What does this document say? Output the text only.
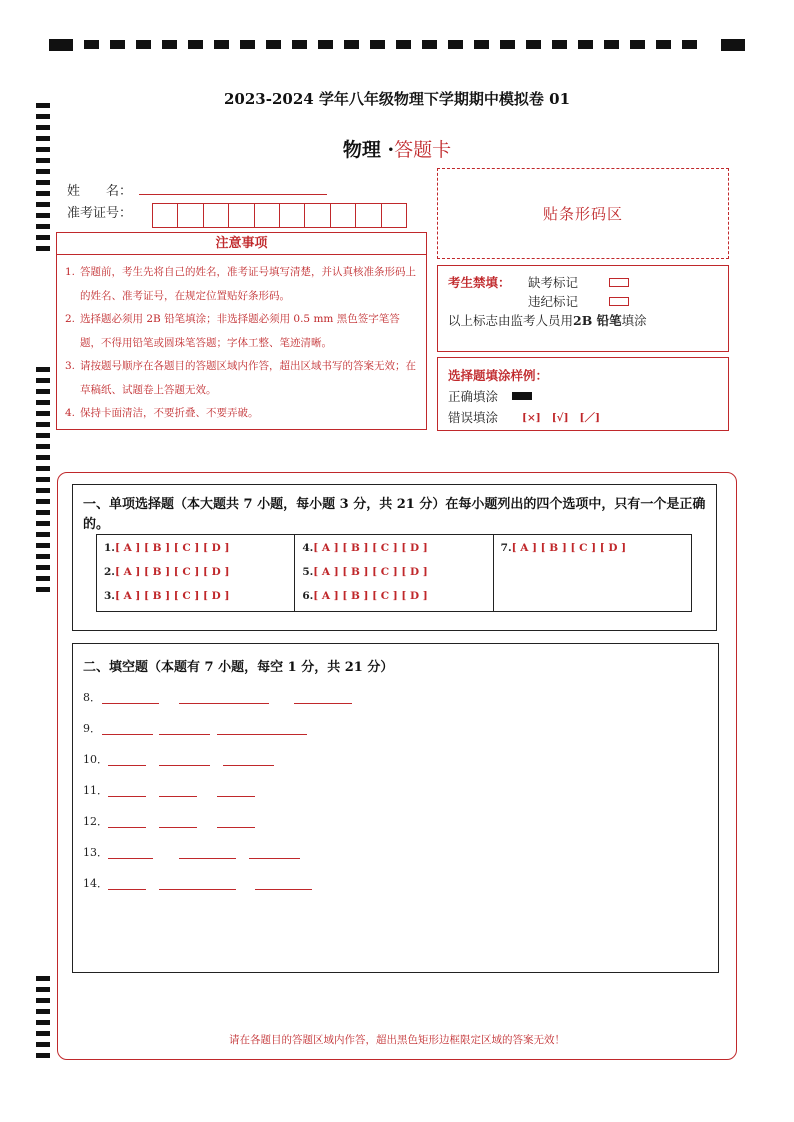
2023-2024 学年八年级物理下学期期中模拟卷 01
物理 ·答题卡
姓　　名：
准考证号：	贴条形码区
注意事项
1. 答题前，考生先将自己的姓名，准考证号填写清楚，并认真核准条形码上的姓名、准考证号，在规定位置贴好条形码。
2. 选择题必须用 2B 铅笔填涂；非选择题必须用 0.5 mm 黑色签字笔答题，不得用铅笔或圆珠笔答题；字体工整、笔迹清晰。
3. 请按题号顺序在各题目的答题区域内作答，超出区域书写的答案无效；在草稿纸、试题卷上答题无效。
4. 保持卡面清洁，不要折叠、不要弄破。
考生禁填： 缺考标记
违纪标记
以上标志由监考人员用2B 铅笔填涂
选择题填涂样例：
正确填涂
错误填涂 [×] [√] [／]
一、单项选择题（本大题共 7 小题，每小题 3 分，共 21 分）在每小题列出的四个选项中，只有一个是正确的。
1.[ A ] [ B ] [ C ] [ D ]
2.[ A ] [ B ] [ C ] [ D ]
3.[ A ] [ B ] [ C ] [ D ]
4.[ A ] [ B ] [ C ] [ D ]
5.[ A ] [ B ] [ C ] [ D ]
6.[ A ] [ B ] [ C ] [ D ]
7.[ A ] [ B ] [ C ] [ D ]
二、填空题（本题有 7 小题，每空 1 分，共 21 分）
8．
9．
10．
11．
12．
13．
14．
请在各题目的答题区域内作答，超出黑色矩形边框限定区域的答案无效！
